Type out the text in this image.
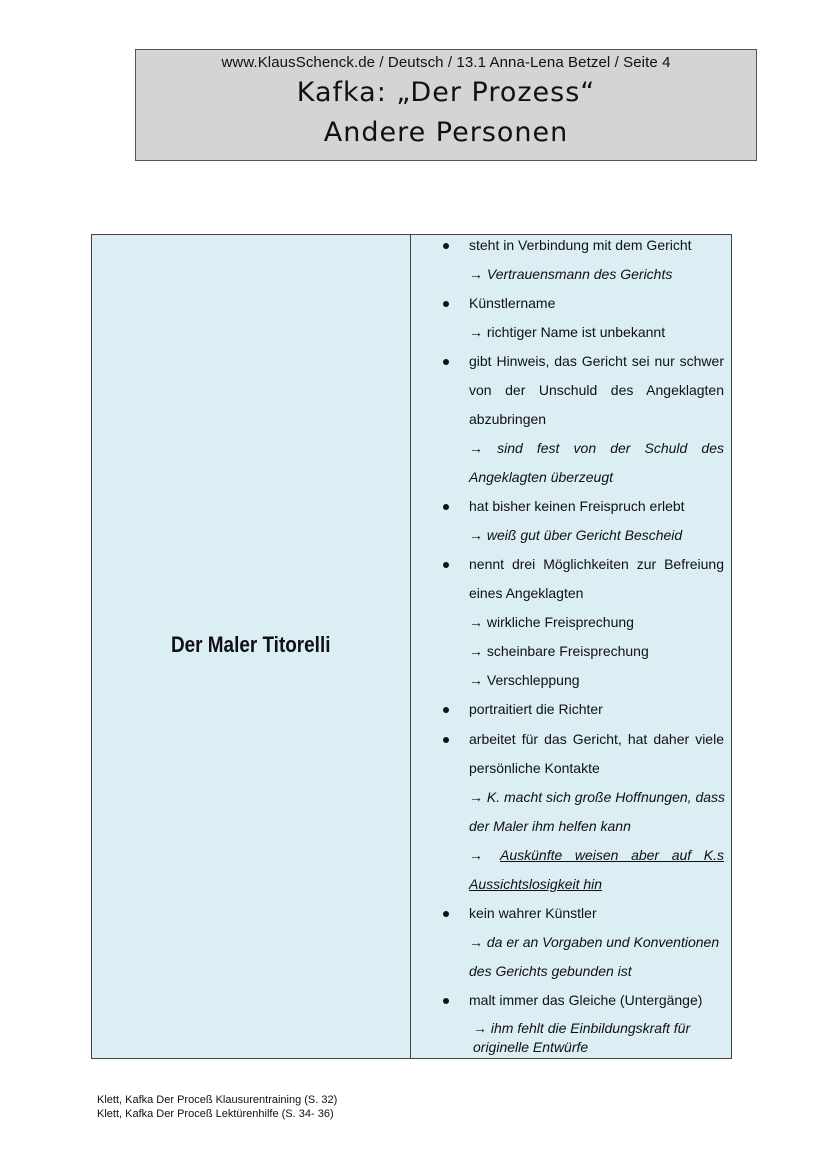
www.KlausSchenck.de / Deutsch / 13.1 Anna-Lena Betzel / Seite 4
Kafka: „Der Prozess“
Andere Personen
Der Maler Titorelli
steht in Verbindung mit dem Gericht
→ Vertrauensmann des Gerichts
Künstlername
→ richtiger Name ist unbekannt
gibt Hinweis, das Gericht sei nur schwer
von der Unschuld des Angeklagten
abzubringen
→ sind fest von der Schuld des
Angeklagten überzeugt
hat bisher keinen Freispruch erlebt
→ weiß gut über Gericht Bescheid
nennt drei Möglichkeiten zur Befreiung
eines Angeklagten
→ wirkliche Freisprechung
→ scheinbare Freisprechung
→ Verschleppung
portraitiert die Richter
arbeitet für das Gericht, hat daher viele
persönliche Kontakte
→ K. macht sich große Hoffnungen, dass
der Maler ihm helfen kann
→	Auskünfte weisen aber auf K.s
Aussichtslosigkeit hin
kein wahrer Künstler
→ da er an Vorgaben und Konventionen
des Gerichts gebunden ist
malt immer das Gleiche (Untergänge)
→ ihm fehlt die Einbildungskraft für
originelle Entwürfe
Klett, Kafka Der Proceß Klausurentraining (S. 32)
Klett, Kafka Der Proceß Lektürenhilfe (S. 34- 36)
